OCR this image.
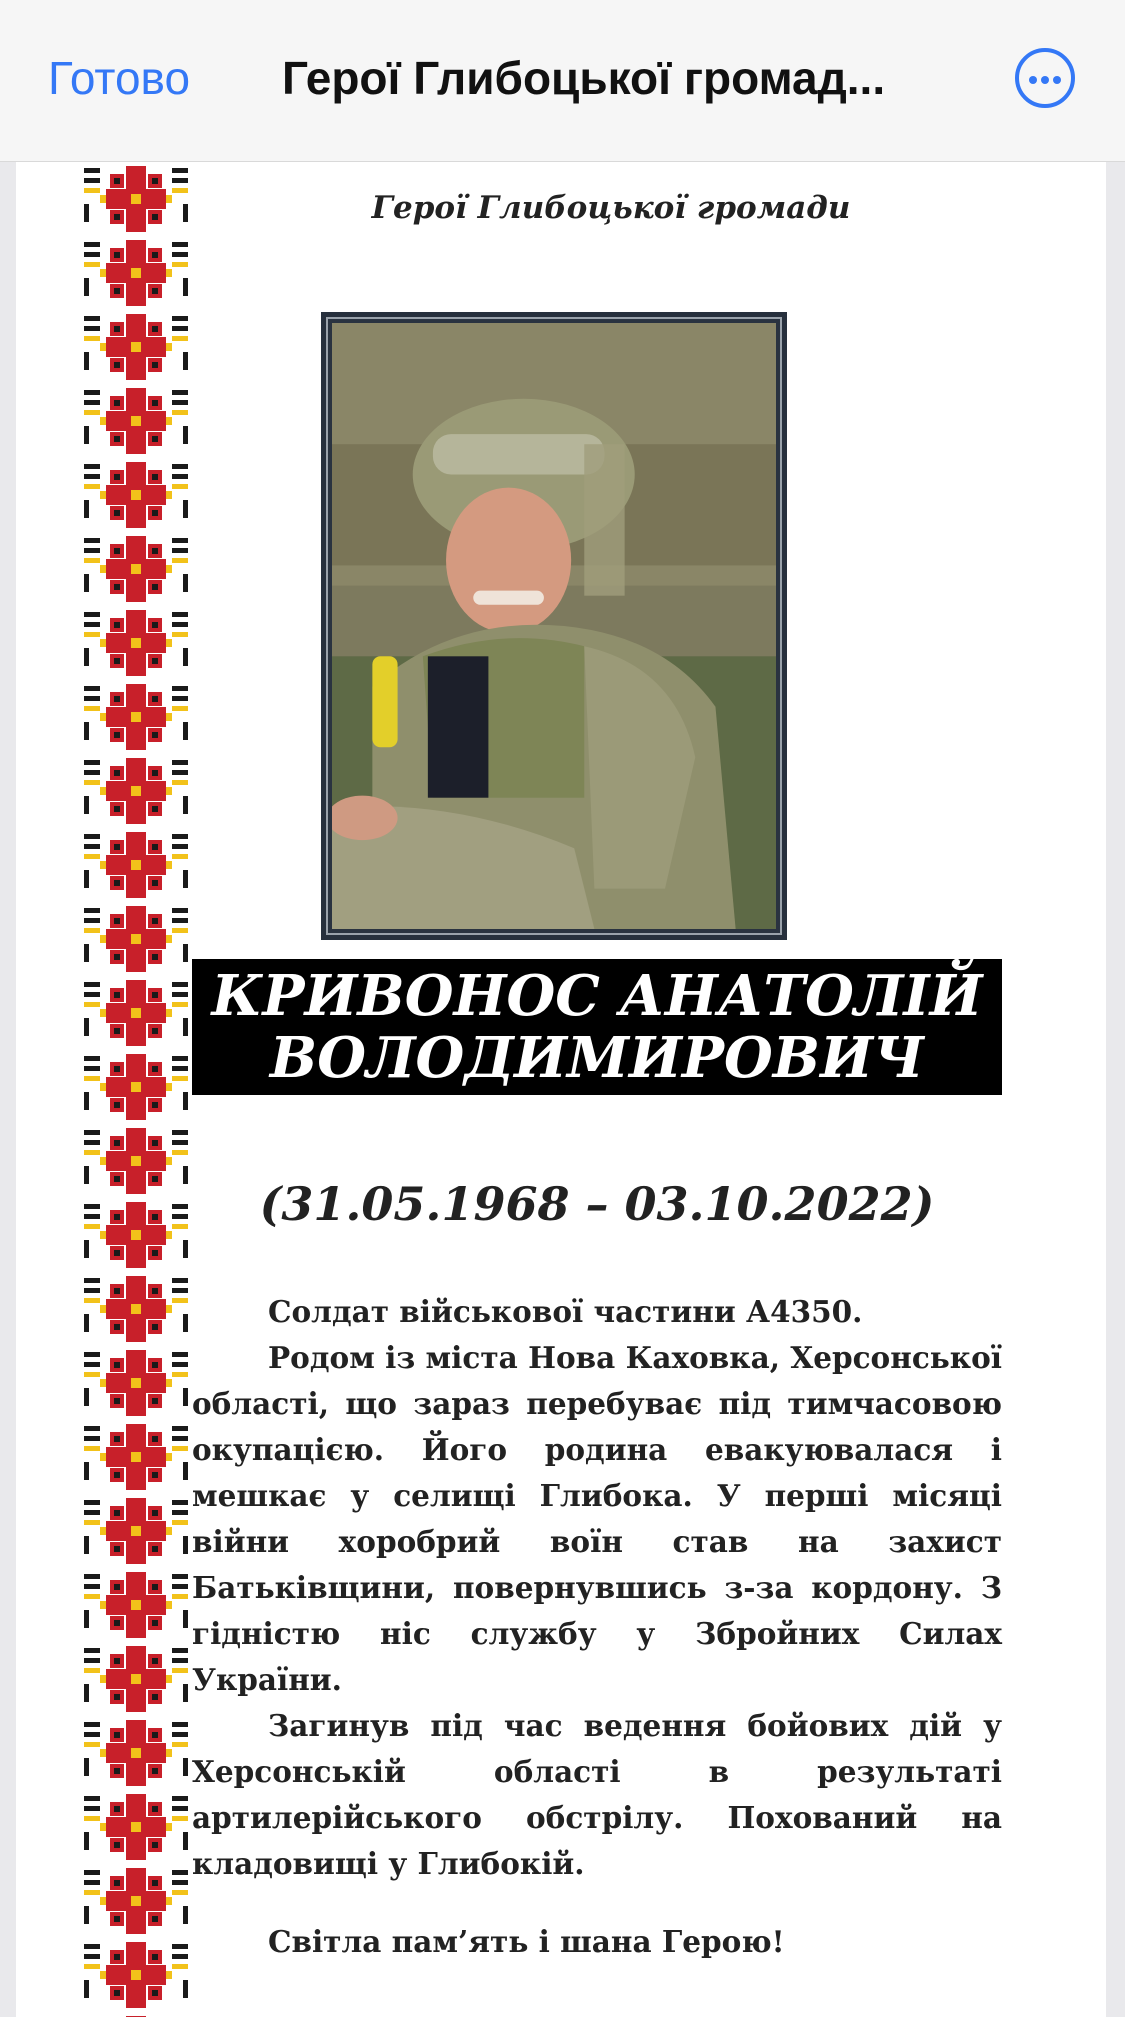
Готово Герої Глибоцької громад...
Герої Глибоцької громади
КРИВОНОС АНАТОЛІЙ
ВОЛОДИМИРОВИЧ
(31.05.1968 – 03.10.2022)

Солдат військової частини А4350.

Родом із міста Нова Каховка, Херсонської області, що зараз перебуває під тимчасовою окупацією. Його родина евакуювалася і мешкає у селищі Глибока. У перші місяці війни хоробрий воїн став на захист Батьківщини, повернувшись з-за кордону. З гідністю ніс службу у Збройних Силах України.

Загинув під час ведення бойових дій у Херсонській області в результаті артилерійського обстрілу. Похований на кладовищі у Глибокій.

Світла пам’ять і шана Герою!
